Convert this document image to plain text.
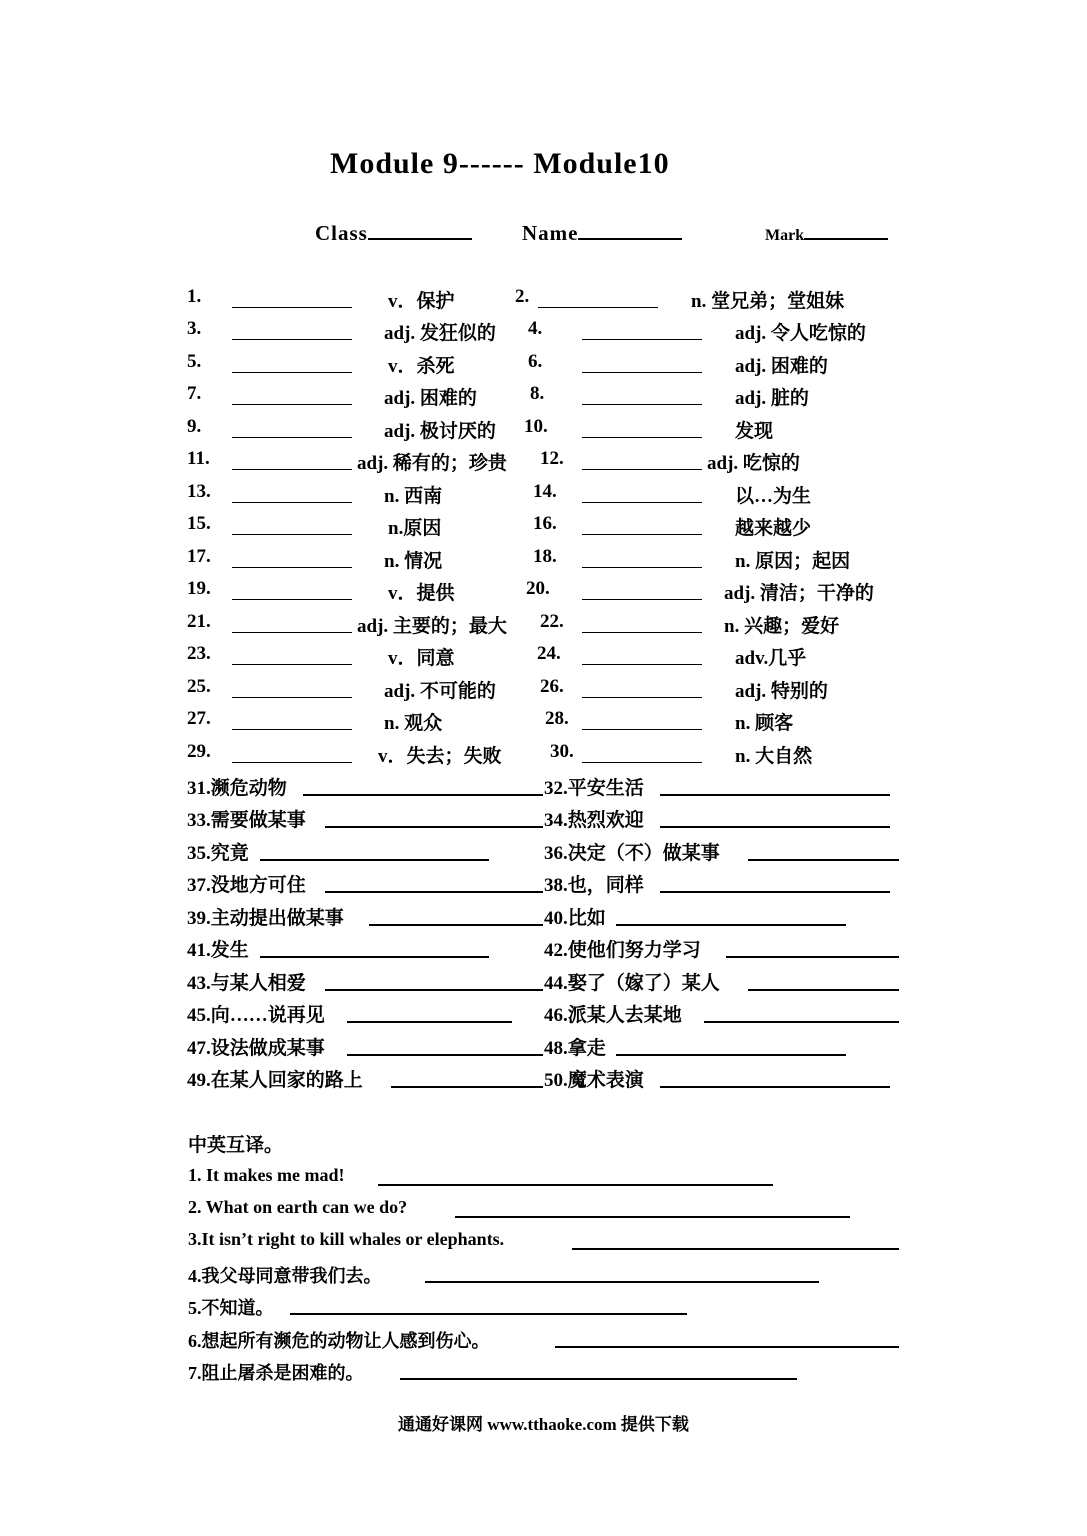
Module 9------ Module10
Class	Name	Mark
1.	v．保护	2.	n. 堂兄弟；堂姐妹
3.	adj. 发狂似的 4.	adj. 令人吃惊的
5.	v．杀死	6.	adj. 困难的
7.	adj. 困难的	8.	adj. 脏的
9.	adj. 极讨厌的 10.	发现
11.	adj. 稀有的；珍贵 12.	adj. 吃惊的
13.	n. 西南	14.	以…为生
15.	n.原因	16.	越来越少
17.	n. 情况	18.	n. 原因；起因
19.	v．提供	20.	adj. 清洁；干净的
21.	adj. 主要的；最大 22.	n. 兴趣；爱好
23.	v．同意	24.	adv.几乎
25.	adj. 不可能的 26.	adj. 特别的
27.	n. 观众	28.	n. 顾客
29.	v．失去；失败	30.	n. 大自然
31.濒危动物	32.平安生活
33.需要做某事	34.热烈欢迎
35.究竟	36.决定（不）做某事
37.没地方可住	38.也，同样
39.主动提出做某事	40.比如
41.发生	42.使他们努力学习
43.与某人相爱	44.娶了（嫁了）某人
45.向……说再见	46.派某人去某地
47.设法做成某事	48.拿走
49.在某人回家的路上	50.魔术表演
中英互译。
1. It makes me mad!
2. What on earth can we do?
3.It isn’t right to kill whales or elephants.
4.我父母同意带我们去。
5.不知道。
6.想起所有濒危的动物让人感到伤心。
7.阻止屠杀是困难的。
通通好课网 www.tthaoke.com 提供下载
